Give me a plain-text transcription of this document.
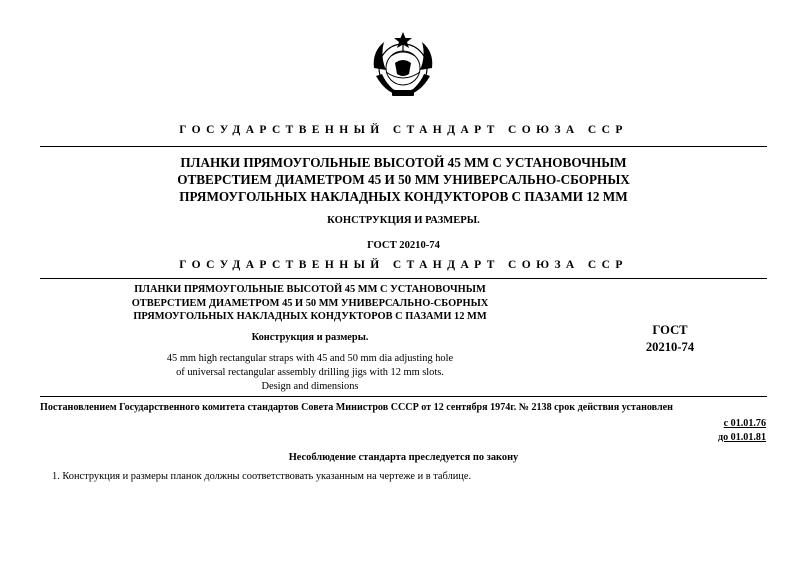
ГОСУДАРСТВЕННЫЙ СТАНДАРТ СОЮЗА ССР
ПЛАНКИ ПРЯМОУГОЛЬНЫЕ ВЫСОТОЙ 45 ММ С УСТАНОВОЧНЫМ
ОТВЕРСТИЕМ ДИАМЕТРОМ 45 И 50 ММ УНИВЕРСАЛЬНО-СБОРНЫХ
ПРЯМОУГОЛЬНЫХ НАКЛАДНЫХ КОНДУКТОРОВ С ПАЗАМИ 12 ММ
КОНСТРУКЦИЯ И РАЗМЕРЫ.
ГОСТ 20210-74
ГОСУДАРСТВЕННЫЙ СТАНДАРТ СОЮЗА ССР
ПЛАНКИ ПРЯМОУГОЛЬНЫЕ ВЫСОТОЙ 45 ММ С УСТАНОВОЧНЫМ
ОТВЕРСТИЕМ ДИАМЕТРОМ 45 И 50 ММ УНИВЕРСАЛЬНО-СБОРНЫХ
ПРЯМОУГОЛЬНЫХ НАКЛАДНЫХ КОНДУКТОРОВ С ПАЗАМИ 12 ММ
Конструкция и размеры.
45 mm high rectangular straps with 45 and 50 mm dia adjusting hole
of universal rectangular assembly drilling jigs with 12 mm slots.
Design and dimensions
ГОСТ
20210-74
Постановлением Государственного комитета стандартов Совета Министров СССР от 12 сентября 1974г. № 2138 срок действия установлен
с 01.01.76
до 01.01.81
Несоблюдение стандарта преследуется по закону
1. Конструкция и размеры планок должны соответствовать указанным на чертеже и в таблице.
